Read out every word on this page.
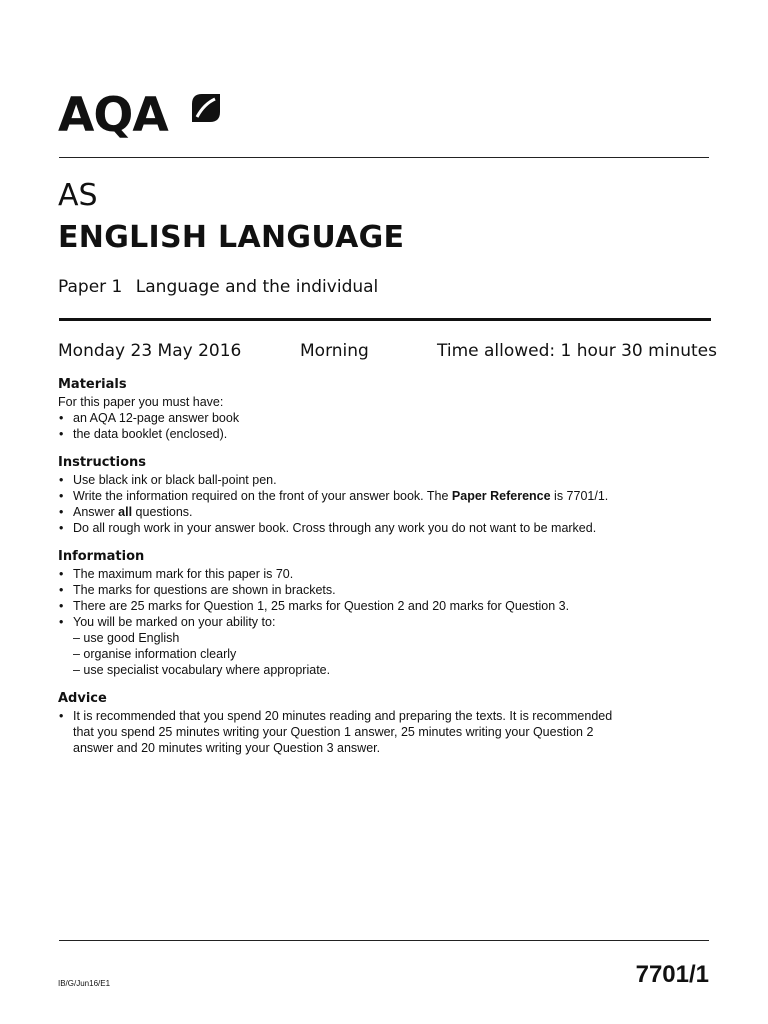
AQA
AS
ENGLISH LANGUAGE
Paper 1 Language and the individual
Monday 23 May 2016	Morning	Time allowed: 1 hour 30 minutes
Materials
For this paper you must have:
• an AQA 12-page answer book
• the data booklet (enclosed).
Instructions
• Use black ink or black ball-point pen.
• Write the information required on the front of your answer book. The Paper Reference is 7701/1.
• Answer all questions.
• Do all rough work in your answer book. Cross through any work you do not want to be marked.
Information
• The maximum mark for this paper is 70.
• The marks for questions are shown in brackets.
• There are 25 marks for Question 1, 25 marks for Question 2 and 20 marks for Question 3.
• You will be marked on your ability to:
– use good English
– organise information clearly
– use specialist vocabulary where appropriate.
Advice
• It is recommended that you spend 20 minutes reading and preparing the texts. It is recommended
that you spend 25 minutes writing your Question 1 answer, 25 minutes writing your Question 2
answer and 20 minutes writing your Question 3 answer.
IB/G/Jun16/E1	7701/1
